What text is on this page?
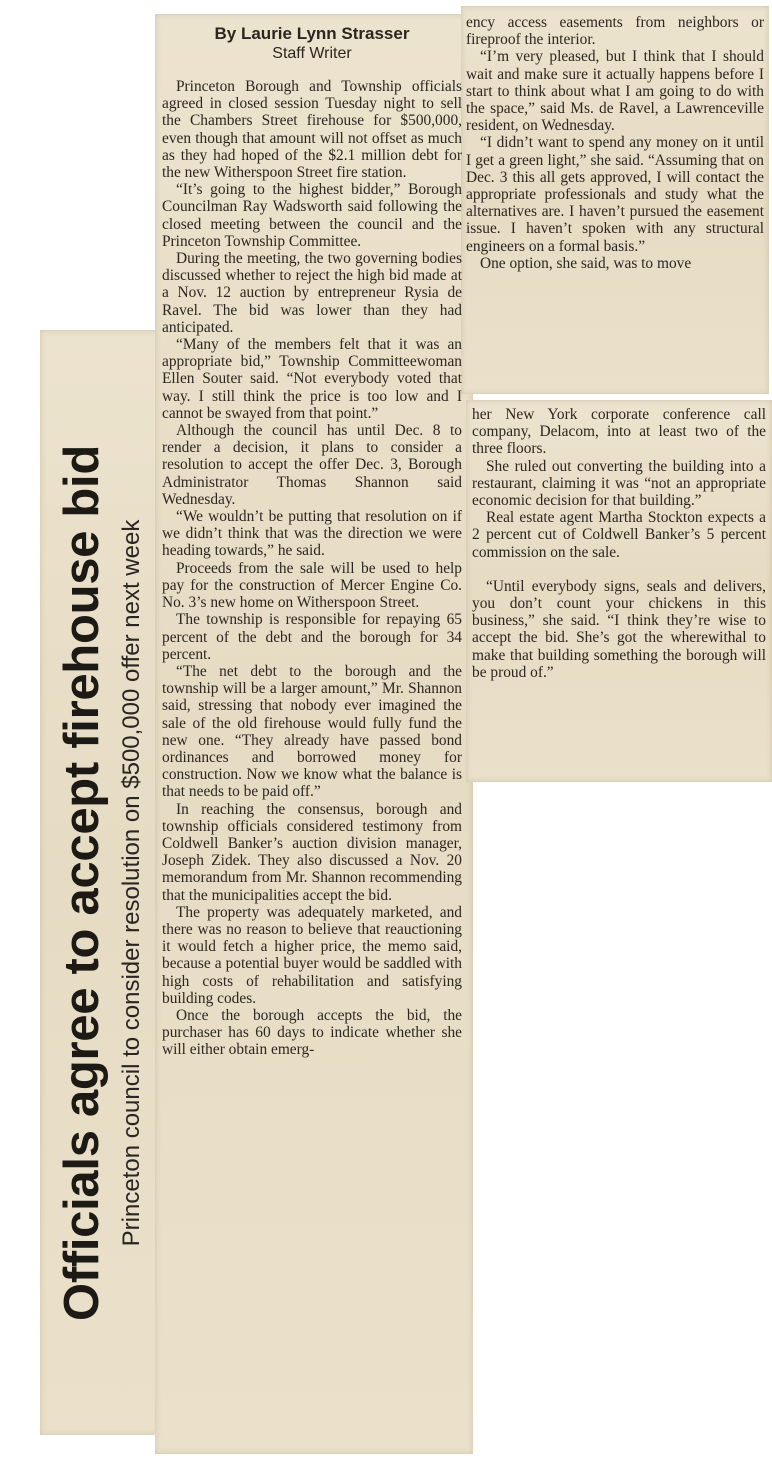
Officials agree to accept firehouse bid Princeton council to consider resolution on $500,000 offer next week
By Laurie Lynn Strasser
Staff Writer

Princeton Borough and Township officials agreed in closed session Tuesday night to sell the Chambers Street firehouse for $500,000, even though that amount will not offset as much as they had hoped of the $2.1 million debt for the new Witherspoon Street fire station.

“It’s going to the highest bidder,” Borough Councilman Ray Wadsworth said following the closed meeting between the council and the Princeton Township Committee.

During the meeting, the two governing bodies discussed whether to reject the high bid made at a Nov. 12 auction by entrepreneur Rysia de Ravel. The bid was lower than they had anticipated.

“Many of the members felt that it was an appropriate bid,” Township Committeewoman Ellen Souter said. “Not everybody voted that way. I still think the price is too low and I cannot be swayed from that point.”

Although the council has until Dec. 8 to render a decision, it plans to consider a resolution to accept the offer Dec. 3, Borough Administrator Thomas Shannon said Wednesday.

“We wouldn’t be putting that resolution on if we didn’t think that was the direction we were heading towards,” he said.

Proceeds from the sale will be used to help pay for the construction of Mercer Engine Co. No. 3’s new home on Witherspoon Street.

The township is responsible for repaying 65 percent of the debt and the borough for 34 percent.

“The net debt to the borough and the township will be a larger amount,” Mr. Shannon said, stressing that nobody ever imagined the sale of the old firehouse would fully fund the new one. “They already have passed bond ordinances and borrowed money for construction. Now we know what the balance is that needs to be paid off.”

In reaching the consensus, borough and township officials considered testimony from Coldwell Banker’s auction division manager, Joseph Zidek. They also discussed a Nov. 20 memorandum from Mr. Shannon recommending that the municipalities accept the bid.

The property was adequately marketed, and there was no reason to believe that reauctioning it would fetch a higher price, the memo said, because a potential buyer would be saddled with high costs of rehabilitation and satisfying building codes.

Once the borough accepts the bid, the purchaser has 60 days to indicate whether she will either obtain emerg-

ency access easements from neighbors or fireproof the interior.

“I’m very pleased, but I think that I should wait and make sure it actually happens before I start to think about what I am going to do with the space,” said Ms. de Ravel, a Lawrenceville resident, on Wednesday.

“I didn’t want to spend any money on it until I get a green light,” she said. “Assuming that on Dec. 3 this all gets approved, I will contact the appropriate professionals and study what the alternatives are. I haven’t pursued the easement issue. I haven’t spoken with any structural engineers on a formal basis.”

One option, she said, was to move

her New York corporate conference call company, Delacom, into at least two of the three floors.

She ruled out converting the building into a restaurant, claiming it was “not an appropriate economic decision for that building.”

Real estate agent Martha Stockton expects a 2 percent cut of Coldwell Banker’s 5 percent commission on the sale.

“Until everybody signs, seals and delivers, you don’t count your chickens in this business,” she said. “I think they’re wise to accept the bid. She’s got the wherewithal to make that building something the borough will be proud of.”
